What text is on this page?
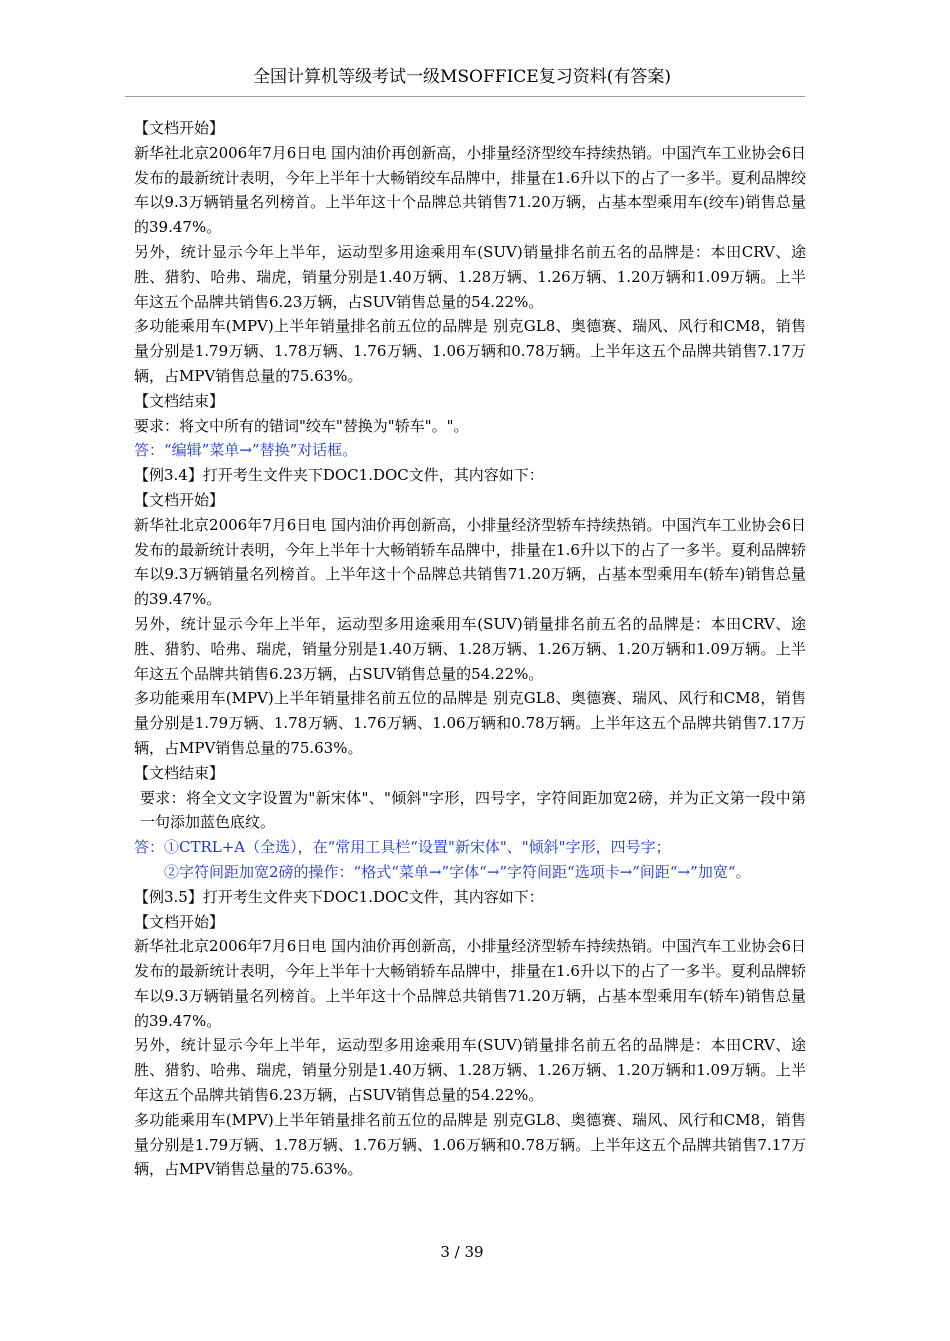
全国计算机等级考试一级MSOFFICE复习资料(有答案)

【文档开始】

新华社北京2006年7月6日电 国内油价再创新高，小排量经济型绞车持续热销。中国汽车工业协会6日发布的最新统计表明，今年上半年十大畅销绞车品牌中，排量在1.6升以下的占了一多半。夏利品牌绞车以9.3万辆销量名列榜首。上半年这十个品牌总共销售71.20万辆，占基本型乘用车(绞车)销售总量的39.47%。

另外，统计显示今年上半年，运动型多用途乘用车(SUV)销量排名前五名的品牌是：本田CRV、途胜、猎豹、哈弗、瑞虎，销量分别是1.40万辆、1.28万辆、1.26万辆、1.20万辆和1.09万辆。上半年这五个品牌共销售6.23万辆，占SUV销售总量的54.22%。

多功能乘用车(MPV)上半年销量排名前五位的品牌是 别克GL8、奥德赛、瑞风、风行和CM8，销售量分别是1.79万辆、1.78万辆、1.76万辆、1.06万辆和0.78万辆。上半年这五个品牌共销售7.17万辆，占MPV销售总量的75.63%。

【文档结束】

要求：将文中所有的错词"绞车"替换为"轿车"。"。

答：“编辑”菜单→”替换”对话框。

【例3.4】打开考生文件夹下DOC1.DOC文件，其内容如下：

【文档开始】

新华社北京2006年7月6日电 国内油价再创新高，小排量经济型轿车持续热销。中国汽车工业协会6日发布的最新统计表明，今年上半年十大畅销轿车品牌中，排量在1.6升以下的占了一多半。夏利品牌轿车以9.3万辆销量名列榜首。上半年这十个品牌总共销售71.20万辆，占基本型乘用车(轿车)销售总量的39.47%。

另外，统计显示今年上半年，运动型多用途乘用车(SUV)销量排名前五名的品牌是：本田CRV、途胜、猎豹、哈弗、瑞虎，销量分别是1.40万辆、1.28万辆、1.26万辆、1.20万辆和1.09万辆。上半年这五个品牌共销售6.23万辆，占SUV销售总量的54.22%。

多功能乘用车(MPV)上半年销量排名前五位的品牌是 别克GL8、奥德赛、瑞风、风行和CM8，销售量分别是1.79万辆、1.78万辆、1.76万辆、1.06万辆和0.78万辆。上半年这五个品牌共销售7.17万辆，占MPV销售总量的75.63%。

【文档结束】

要求：将全文文字设置为"新宋体"、"倾斜"字形，四号字，字符间距加宽2磅，并为正文第一段中第一句添加蓝色底纹。

答：①CTRL+A（全选），在“常用工具栏“设置"新宋体"、"倾斜"字形，四号字；

②字符间距加宽2磅的操作：“格式“菜单→”字体“→”字符间距“选项卡→”间距“→”加宽“。

【例3.5】打开考生文件夹下DOC1.DOC文件，其内容如下：

【文档开始】

新华社北京2006年7月6日电 国内油价再创新高，小排量经济型轿车持续热销。中国汽车工业协会6日发布的最新统计表明，今年上半年十大畅销轿车品牌中，排量在1.6升以下的占了一多半。夏利品牌轿车以9.3万辆销量名列榜首。上半年这十个品牌总共销售71.20万辆，占基本型乘用车(轿车)销售总量的39.47%。

另外，统计显示今年上半年，运动型多用途乘用车(SUV)销量排名前五名的品牌是：本田CRV、途胜、猎豹、哈弗、瑞虎，销量分别是1.40万辆、1.28万辆、1.26万辆、1.20万辆和1.09万辆。上半年这五个品牌共销售6.23万辆，占SUV销售总量的54.22%。

多功能乘用车(MPV)上半年销量排名前五位的品牌是 别克GL8、奥德赛、瑞风、风行和CM8，销售量分别是1.79万辆、1.78万辆、1.76万辆、1.06万辆和0.78万辆。上半年这五个品牌共销售7.17万辆，占MPV销售总量的75.63%。

3 / 39
